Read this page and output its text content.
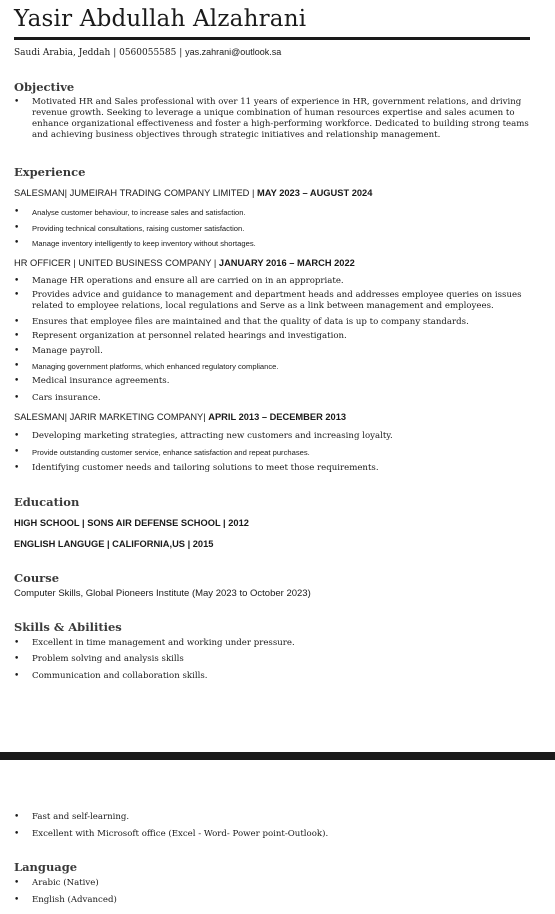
Yasir Abdullah Alzahrani
Saudi Arabia, Jeddah | 0560055585 | yas.zahrani@outlook.sa
Objective
• Motivated HR and Sales professional with over 11 years of experience in HR, government relations, and driving revenue growth. Seeking to leverage a unique combination of human resources expertise and sales acumen to enhance organizational effectiveness and foster a high-performing workforce. Dedicated to building strong teams and achieving business objectives through strategic initiatives and relationship management.
Experience
SALESMAN| JUMEIRAH TRADING COMPANY LIMITED | MAY 2023 – AUGUST 2024
• Analyse customer behaviour, to increase sales and satisfaction.
• Providing technical consultations, raising customer satisfaction.
• Manage inventory intelligently to keep inventory without shortages.
HR OFFICER | UNITED BUSINESS COMPANY | JANUARY 2016 – MARCH 2022
• Manage HR operations and ensure all are carried on in an appropriate.
• Provides advice and guidance to management and department heads and addresses employee queries on issues related to employee relations, local regulations and Serve as a link between management and employees.
• Ensures that employee files are maintained and that the quality of data is up to company standards.
• Represent organization at personnel related hearings and investigation.
• Manage payroll.
• Managing government platforms, which enhanced regulatory compliance.
• Medical insurance agreements.
• Cars insurance.
SALESMAN| JARIR MARKETING COMPANY| APRIL 2013 – DECEMBER 2013
• Developing marketing strategies, attracting new customers and increasing loyalty.
• Provide outstanding customer service, enhance satisfaction and repeat purchases.
• Identifying customer needs and tailoring solutions to meet those requirements.
Education
HIGH SCHOOL | SONS AIR DEFENSE SCHOOL | 2012
ENGLISH LANGUGE | CALIFORNIA,US | 2015
Course
Computer Skills, Global Pioneers Institute (May 2023 to October 2023)
Skills & Abilities
• Excellent in time management and working under pressure.
• Problem solving and analysis skills
• Communication and collaboration skills.
• Fast and self-learning.
• Excellent with Microsoft office (Excel - Word- Power point-Outlook).
Language
• Arabic (Native)
• English (Advanced)
